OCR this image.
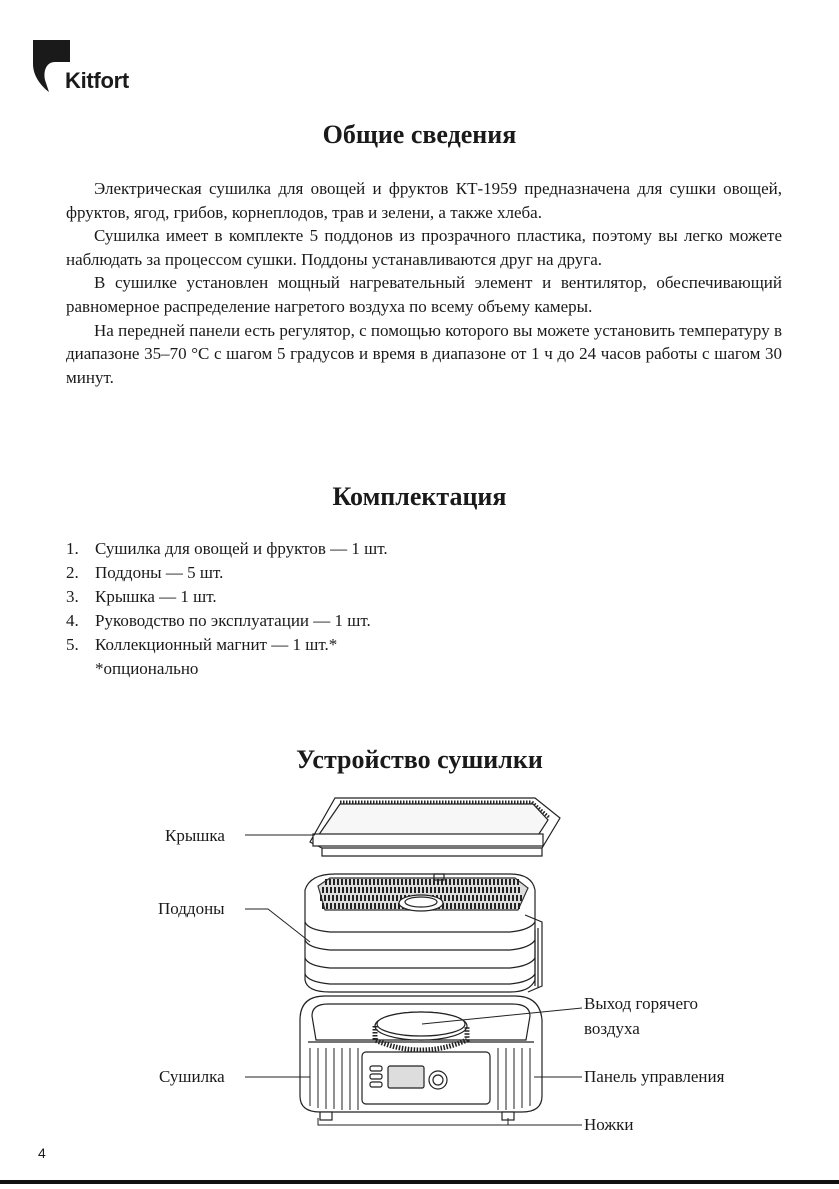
Kitfort
Общие сведения

Электрическая сушилка для овощей и фруктов КТ-1959 предназначена для сушки овощей, фруктов, ягод, грибов, корнеплодов, трав и зелени, а также хлеба.

Сушилка имеет в комплекте 5 поддонов из прозрачного пластика, поэтому вы легко можете наблюдать за процессом сушки. Поддоны устанавливаются друг на друга.

В сушилке установлен мощный нагревательный элемент и вентилятор, обеспечивающий равномерное распределение нагретого воздуха по всему объему камеры.

На передней панели есть регулятор, с помощью которого вы можете установить температуру в диапазоне 35–70 °С с шагом 5 градусов и время в диапазоне от 1 ч до 24 часов работы с шагом 30 минут.

Комплектация
1. Сушилка для овощей и фруктов — 1 шт.
2. Поддоны — 5 шт.
3. Крышка — 1 шт.
4. Руководство по эксплуатации — 1 шт.
5. Коллекционный магнит — 1 шт.*
*опционально
Устройство сушилки
Крышка
Поддоны
Сушилка
Выход горячего
воздуха
Панель управления
Ножки
4
